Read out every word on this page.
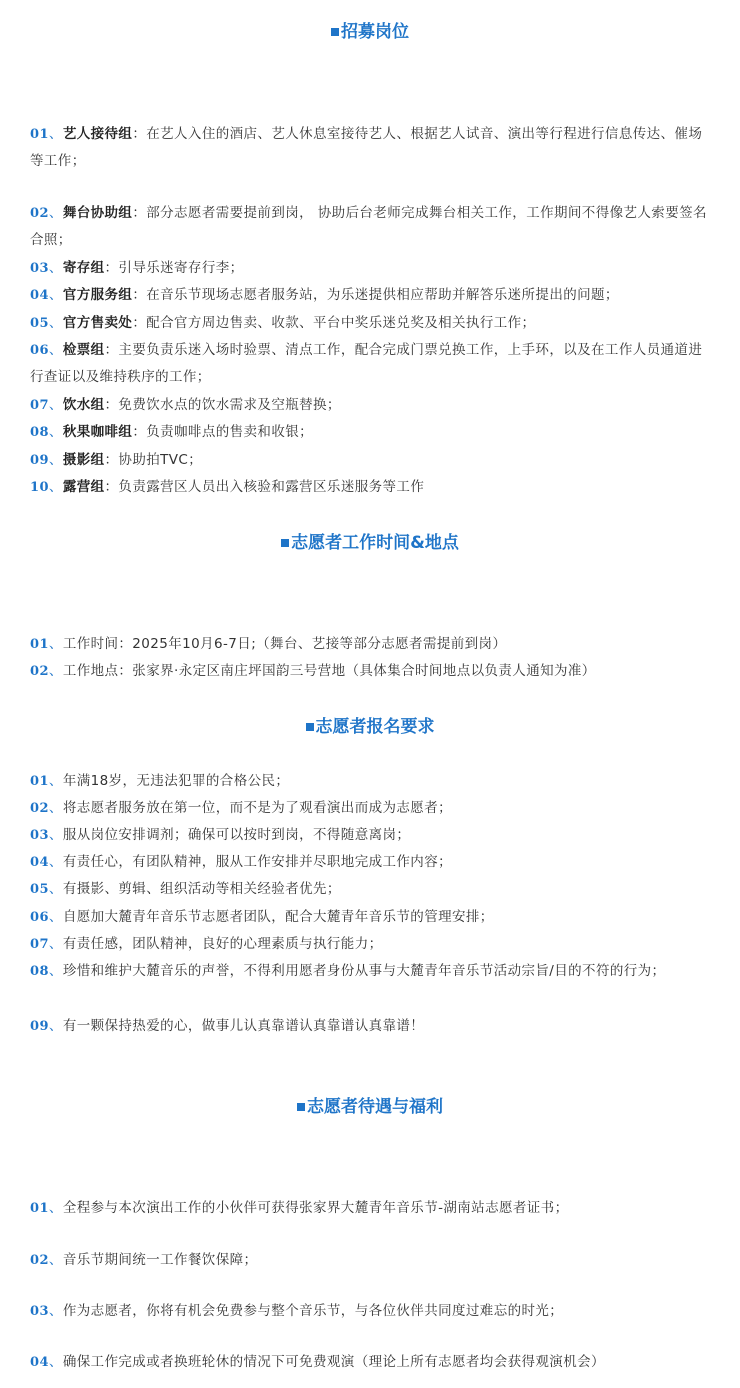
招募岗位
01、艺人接待组：在艺人入住的酒店、艺人休息室接待艺人、根据艺人试音、演出等行程进行信息传达、催场等工作；
02、舞台协助组：部分志愿者需要提前到岗， 协助后台老师完成舞台相关工作，工作期间不得像艺人索要签名合照；
03、寄存组：引导乐迷寄存行李；
04、官方服务组：在音乐节现场志愿者服务站，为乐迷提供相应帮助并解答乐迷所提出的问题；
05、官方售卖处：配合官方周边售卖、收款、平台中奖乐迷兑奖及相关执行工作；
06、检票组：主要负责乐迷入场时验票、清点工作，配合完成门票兑换工作，上手环，以及在工作人员通道进行查证以及维持秩序的工作；
07、饮水组：免费饮水点的饮水需求及空瓶替换；
08、秋果咖啡组：负责咖啡点的售卖和收银；
09、摄影组：协助拍TVC；
10、露营组：负责露营区人员出入核验和露营区乐迷服务等工作
志愿者工作时间&地点
01、工作时间：2025年10月6-7日;（舞台、艺接等部分志愿者需提前到岗）
02、工作地点：张家界·永定区南庄坪国韵三号营地（具体集合时间地点以负责人通知为准）
志愿者报名要求
01、年满18岁，无违法犯罪的合格公民；
02、将志愿者服务放在第一位，而不是为了观看演出而成为志愿者；
03、服从岗位安排调剂；确保可以按时到岗，不得随意离岗；
04、有责任心，有团队精神，服从工作安排并尽职地完成工作内容；
05、有摄影、剪辑、组织活动等相关经验者优先；
06、自愿加大麓青年音乐节志愿者团队，配合大麓青年音乐节的管理安排；
07、有责任感，团队精神，良好的心理素质与执行能力；
08、珍惜和维护大麓音乐的声誉，不得利用愿者身份从事与大麓青年音乐节活动宗旨/目的不符的行为；
09、有一颗保持热爱的心，做事儿认真靠谱认真靠谱认真靠谱！
志愿者待遇与福利
01、全程参与本次演出工作的小伙伴可获得张家界大麓青年音乐节-湖南站志愿者证书；
02、音乐节期间统一工作餐饮保障；
03、作为志愿者，你将有机会免费参与整个音乐节，与各位伙伴共同度过难忘的时光；
04、确保工作完成或者换班轮休的情况下可免费观演（理论上所有志愿者均会获得观演机会）
